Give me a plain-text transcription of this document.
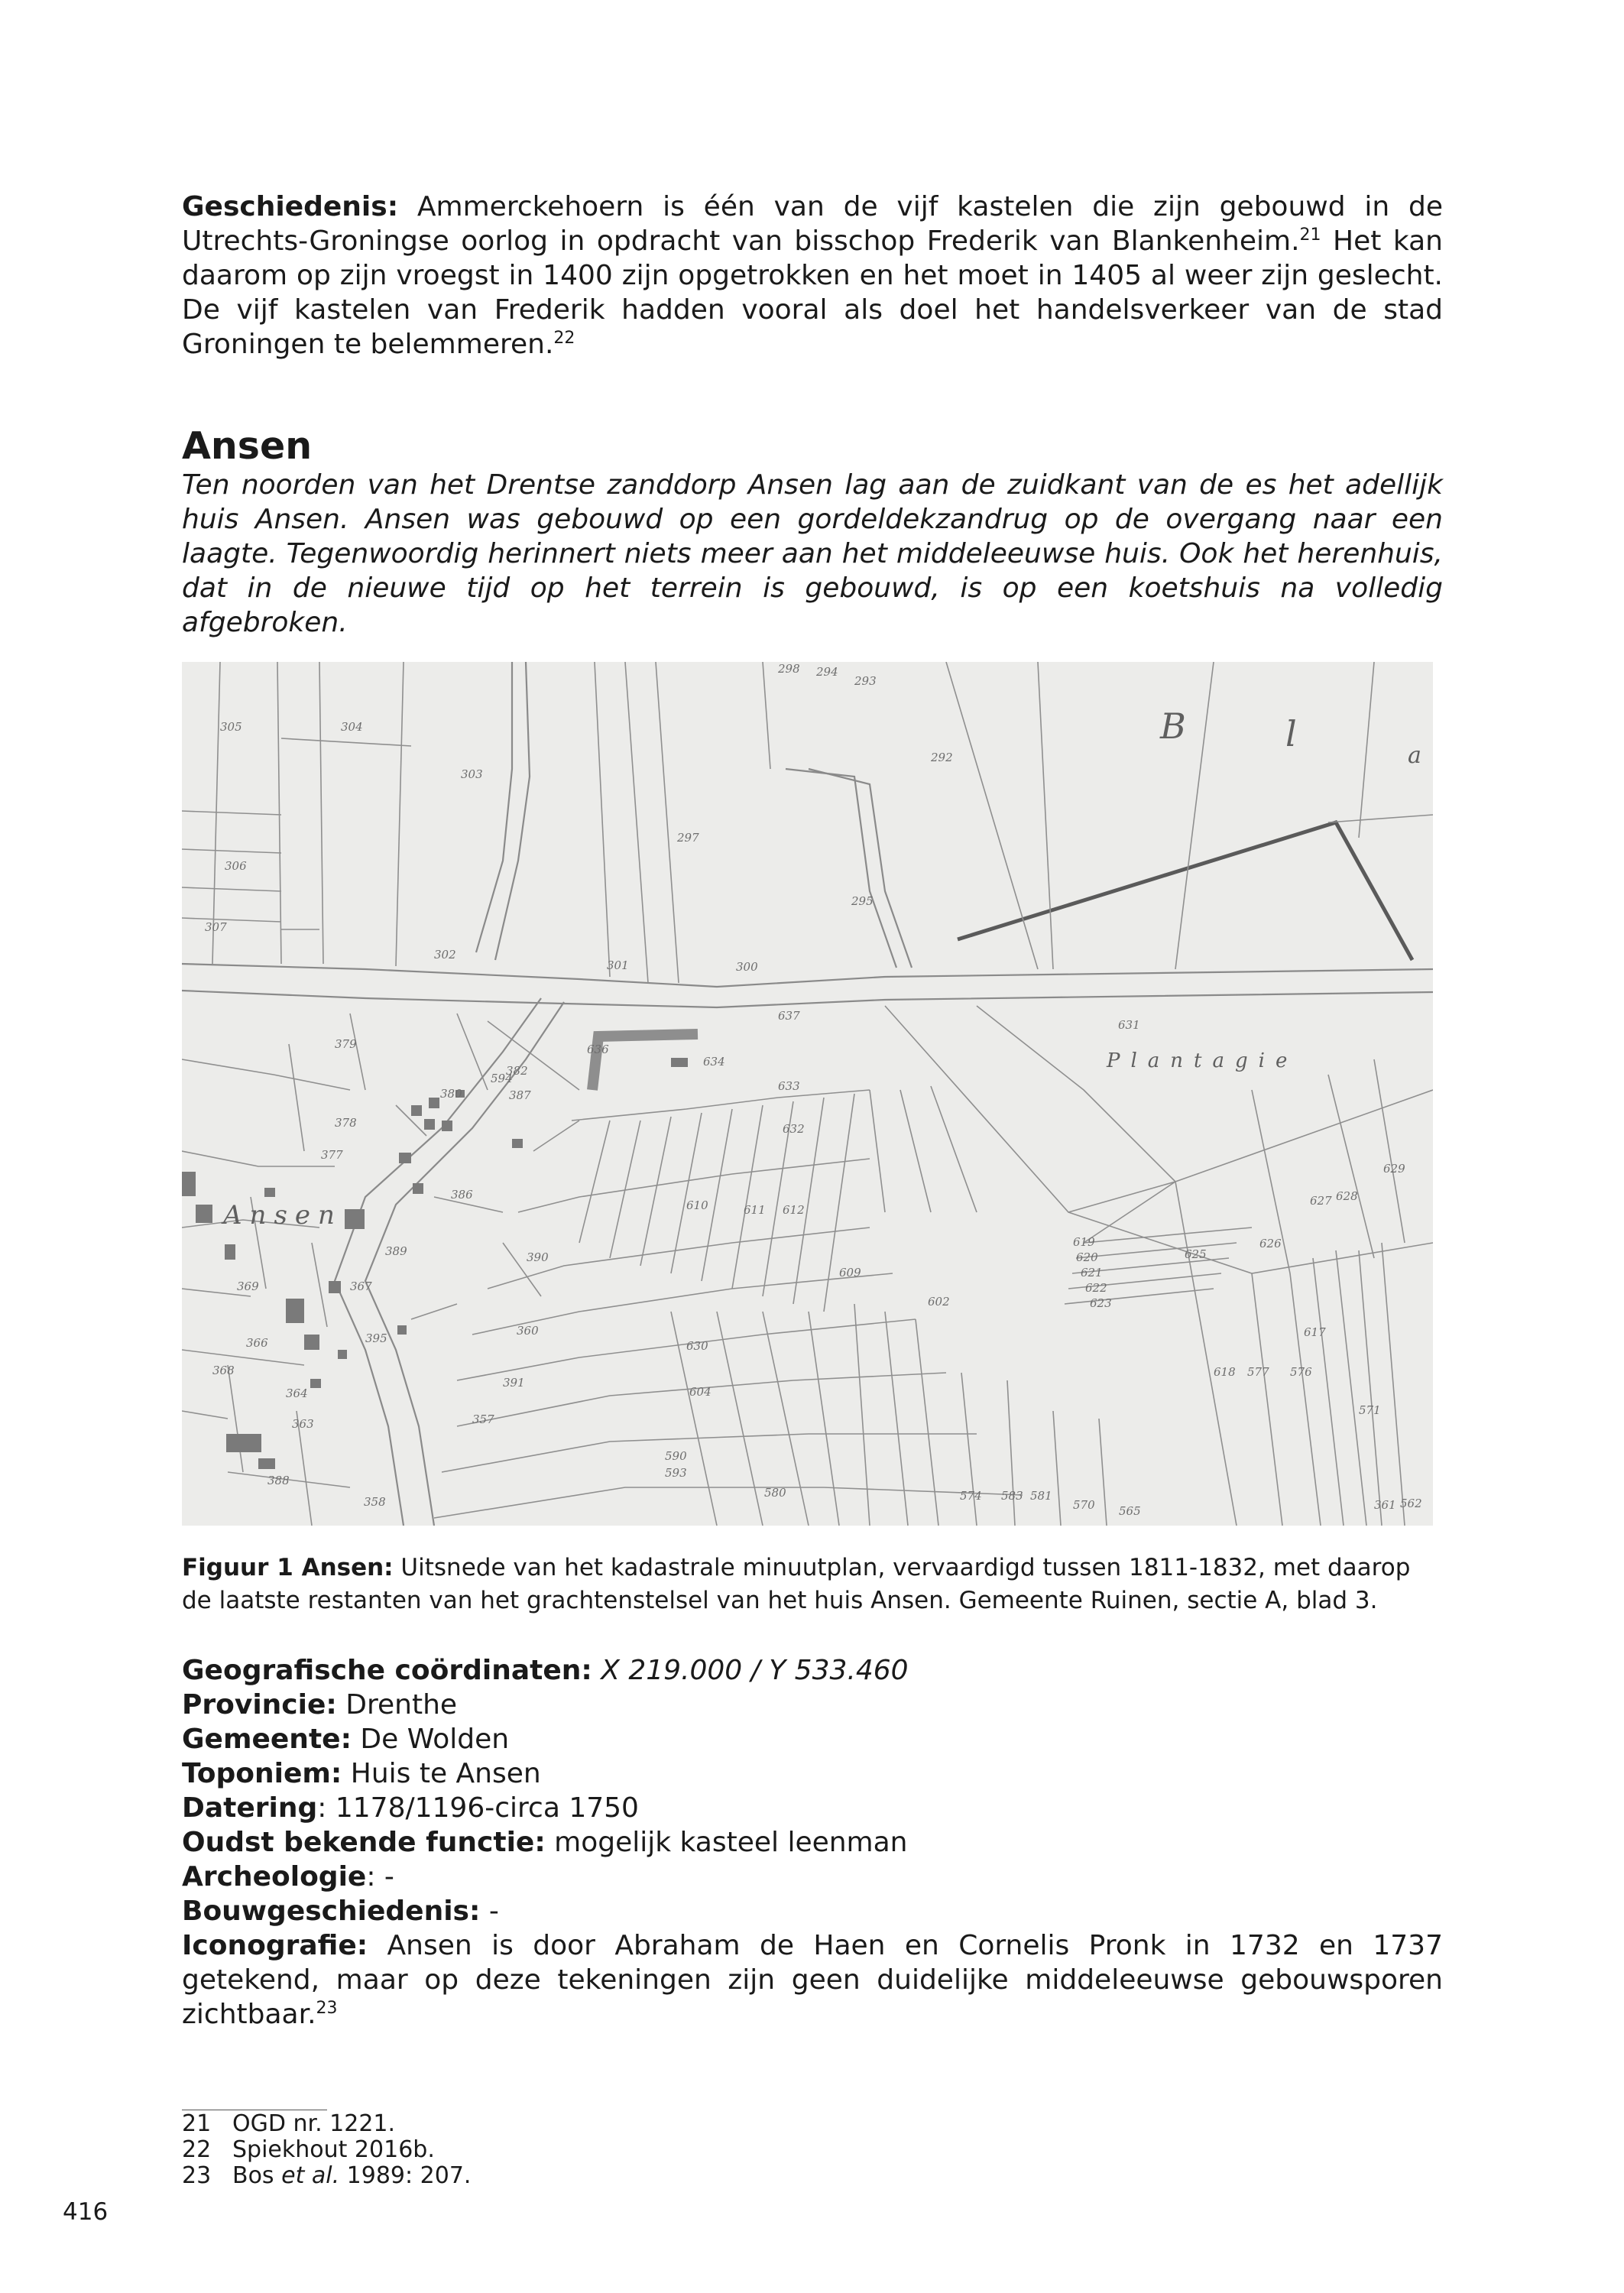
Geschiedenis: Ammerckehoern is één van de vijf kastelen die zijn gebouwd in de Utrechts-Groningse oorlog in opdracht van bisschop Frederik van Blankenheim.$^{21}$ Het kan daarom op zijn vroegst in 1400 zijn opgetrokken en het moet in 1405 al weer zijn geslecht. De vijf kastelen van Frederik hadden vooral als doel het handelsverkeer van de stad Groningen te belemmeren.$^{22}$

Ansen
Ten noorden van het Drentse zanddorp Ansen lag aan de zuidkant van de es het adellijk huis Ansen. Ansen was gebouwd op een gordeldekzandrug op de overgang naar een laagte. Tegenwoordig herinnert niets meer aan het middeleeuwse huis. Ook het herenhuis, dat in de nieuwe tijd op het terrein is gebouwd, is op een koetshuis na volledig afgebroken.
B	l
a
Plantagie
Ansen
305	304
303
306
307
297
298 294
293
292
295
302
301	300
379
380
382
636
637
634
633
632
631
378
377
386
389	390
369	367
366
368
364
363
360
395
357
358
391
610	611 612
619
620
621
622
623
625
626
627 628
629
630
604
602
609
617
618 577 576
571
565
570
574 583 581
580
590
593
594
387
388
361 562

Figuur 1 Ansen: Uitsnede van het kadastrale minuutplan, vervaardigd tussen 1811-1832, met daarop de laatste restanten van het grachtenstelsel van het huis Ansen. Gemeente Ruinen, sectie A, blad 3.

Geografische coördinaten: X 219.000 / Y 533.460
Provincie: Drenthe
Gemeente: De Wolden
Toponiem: Huis te Ansen
Datering: 1178/1196-circa 1750
Oudst bekende functie: mogelijk kasteel leenman
Archeologie: -
Bouwgeschiedenis: -
Iconografie: Ansen is door Abraham de Haen en Cornelis Pronk in 1732 en 1737 getekend, maar op deze tekeningen zijn geen duidelijke middeleeuwse gebouwsporen zichtbaar.$^{23}$
21 OGD nr. 1221.
22 Spiekhout 2016b.
23 Bos et al. 1989: 207.
416
